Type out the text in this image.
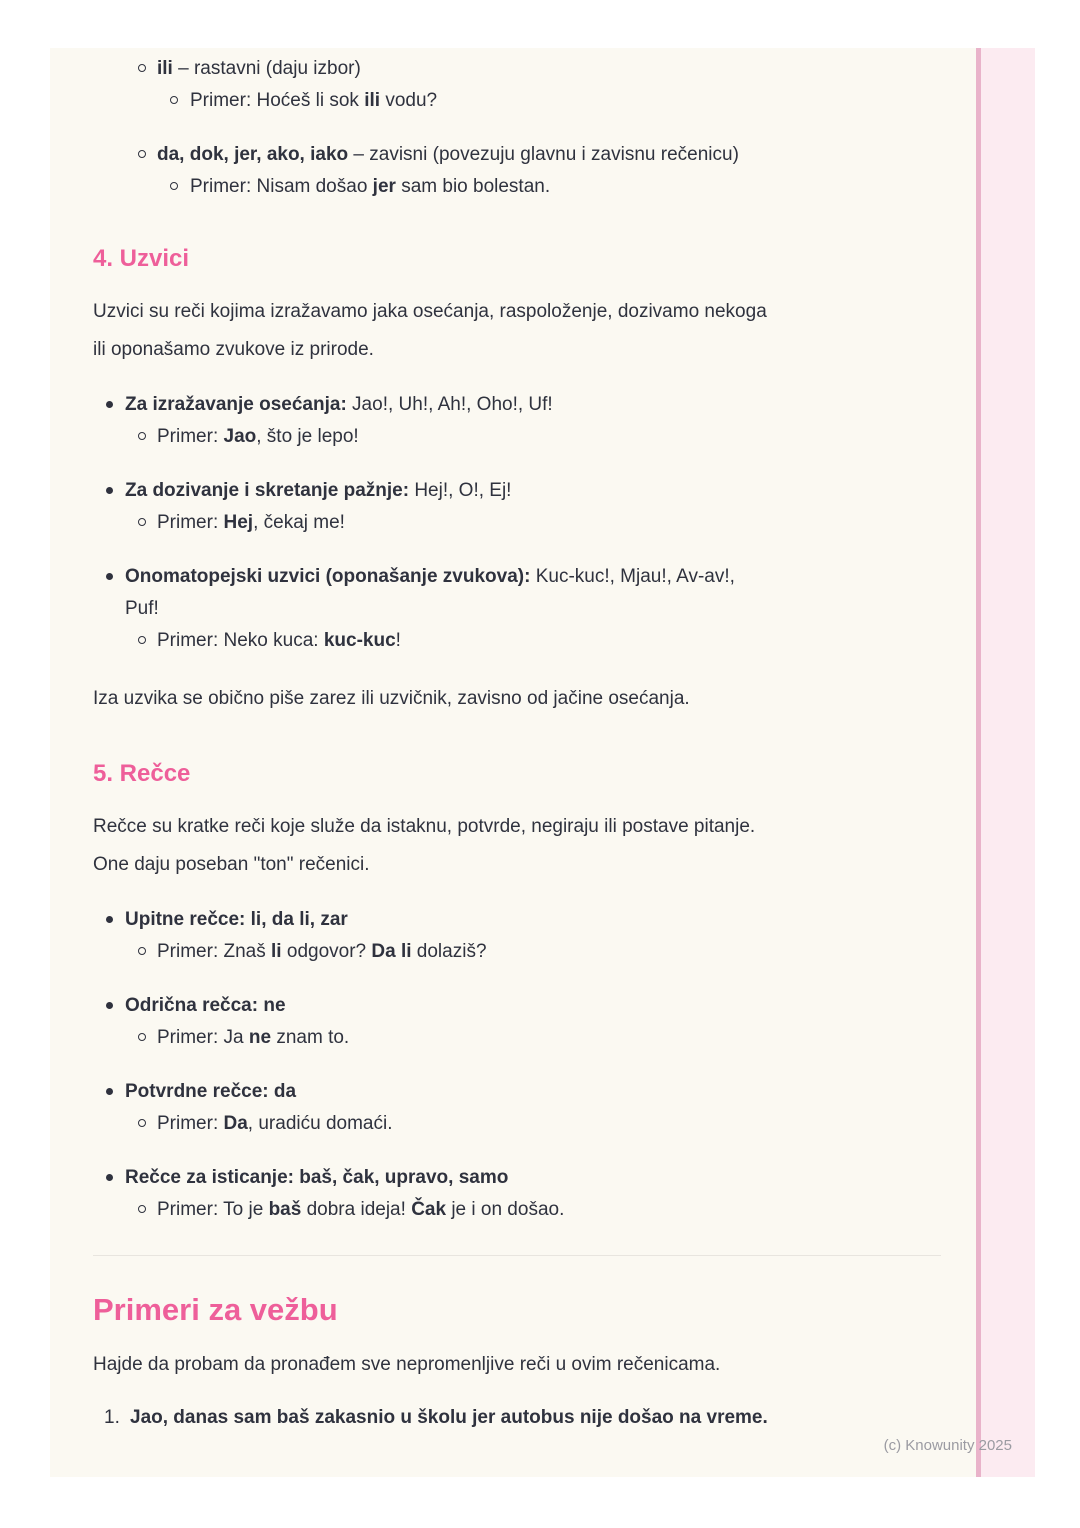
ili – rastavni (daju izbor)
Primer: Hoćeš li sok ili vodu?
da, dok, jer, ako, iako – zavisni (povezuju glavnu i zavisnu rečenicu)
Primer: Nisam došao jer sam bio bolestan.
4. Uzvici

Uzvici su reči kojima izražavamo jaka osećanja, raspoloženje, dozivamo nekoga
ili oponašamo zvukove iz prirode.

Za izražavanje osećanja: Jao!, Uh!, Ah!, Oho!, Uf!
Primer: Jao, što je lepo!
Za dozivanje i skretanje pažnje: Hej!, O!, Ej!
Primer: Hej, čekaj me!
Onomatopejski uzvici (oponašanje zvukova): Kuc-kuc!, Mjau!, Av-av!,
Puf!
Primer: Neko kuca: kuc-kuc!

Iza uzvika se obično piše zarez ili uzvičnik, zavisno od jačine osećanja.

5. Rečce

Rečce su kratke reči koje služe da istaknu, potvrde, negiraju ili postave pitanje.
One daju poseban "ton" rečenici.

Upitne rečce: li, da li, zar
Primer: Znaš li odgovor? Da li dolaziš?
Odrična rečca: ne
Primer: Ja ne znam to.
Potvrdne rečce: da
Primer: Da, uradiću domaći.
Rečce za isticanje: baš, čak, upravo, samo
Primer: To je baš dobra ideja! Čak je i on došao.
Primeri za vežbu

Hajde da probam da pronađem sve nepromenljive reči u ovim rečenicama.

1. Jao, danas sam baš zakasnio u školu jer autobus nije došao na vreme.
(c) Knowunity 2025
